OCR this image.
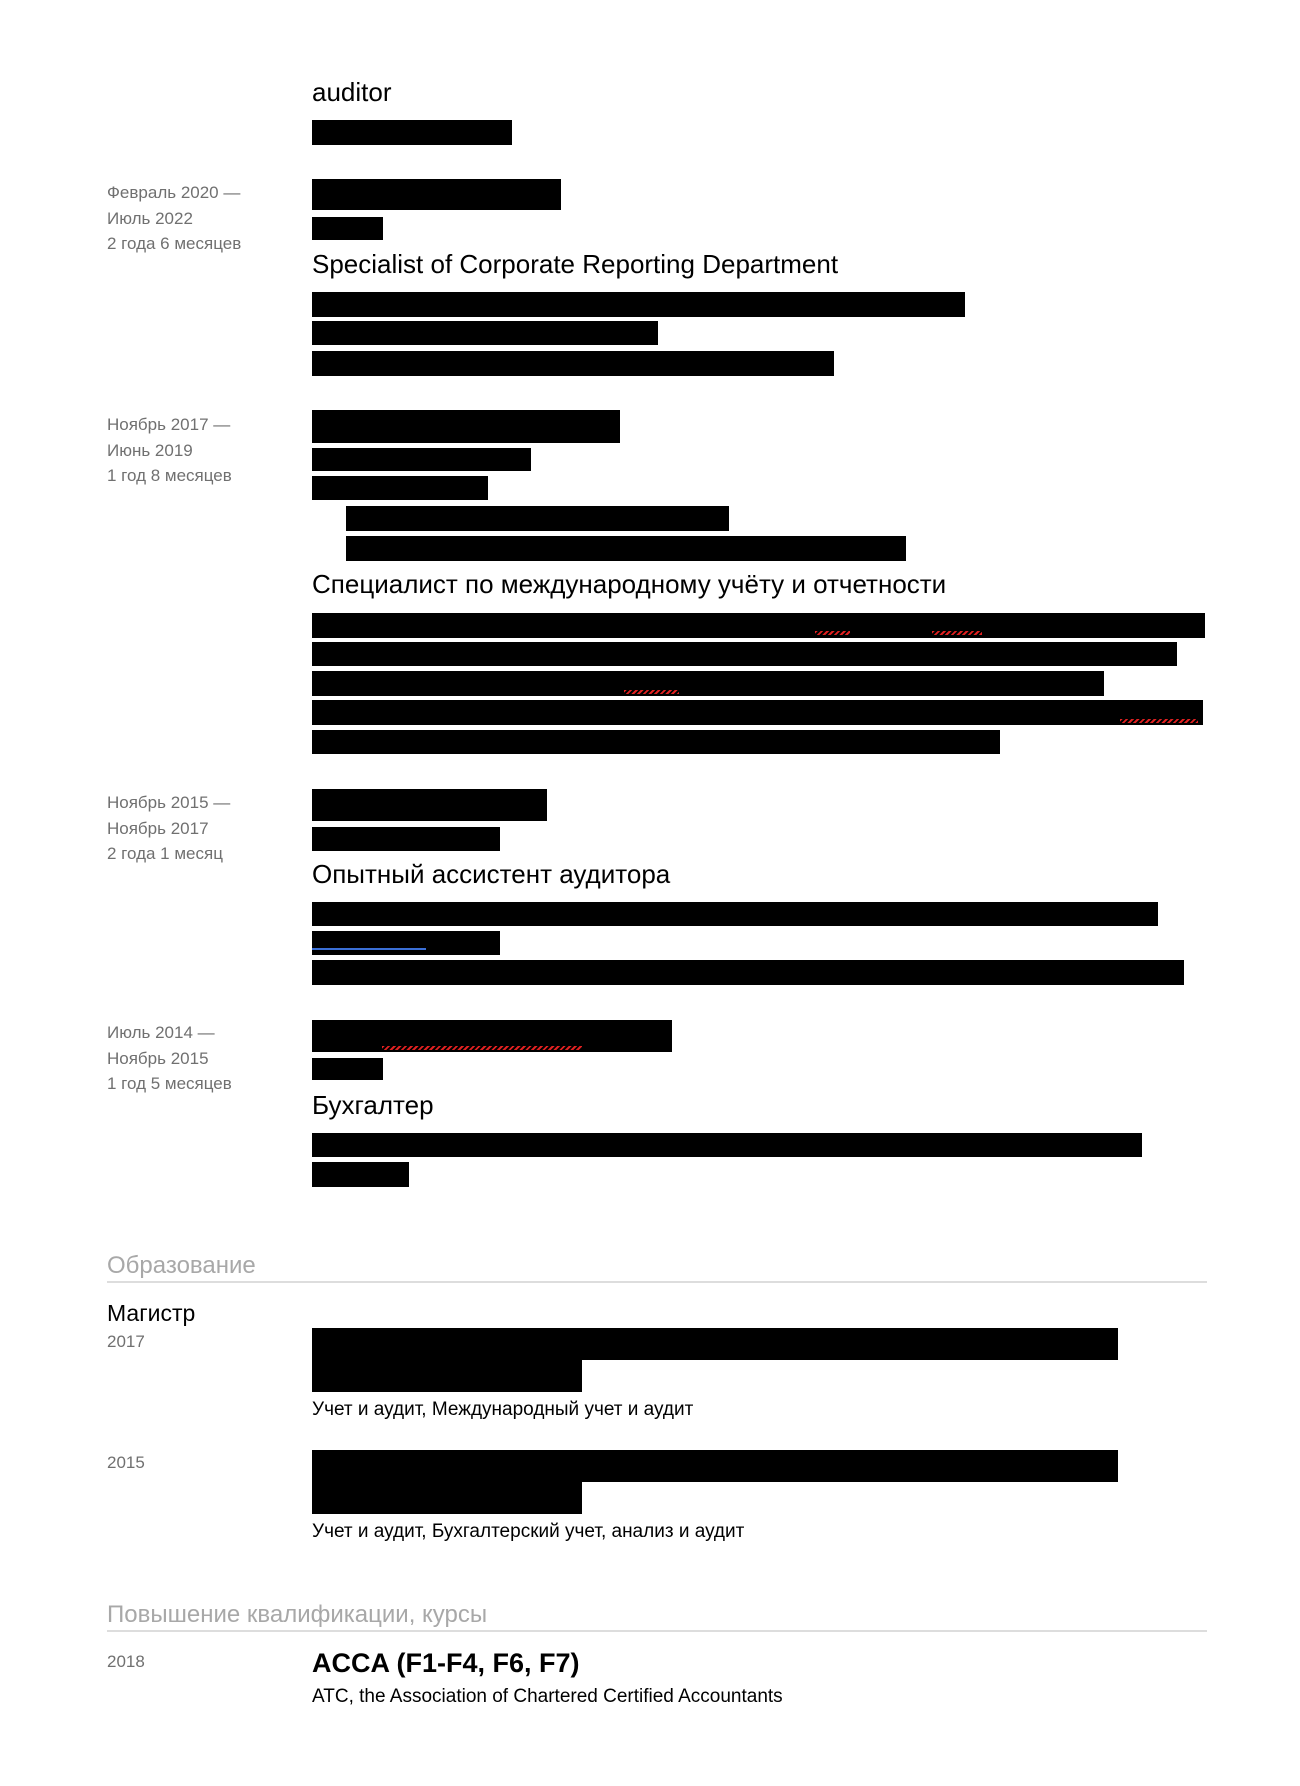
auditor
Февраль 2020 —
Июль 2022
2 года 6 месяцев
Specialist of Corporate Reporting Department
Ноябрь 2017 —
Июнь 2019
1 год 8 месяцев
Специалист по международному учёту и отчетности
Ноябрь 2015 —
Ноябрь 2017
2 года 1 месяц
Опытный ассистент аудитора
Июль 2014 —
Ноябрь 2015
1 год 5 месяцев
Бухгалтер
Образование
Магистр
2017
Учет и аудит, Международный учет и аудит
2015
Учет и аудит, Бухгалтерский учет, анализ и аудит
Повышение квалификации, курсы
2018	ACCA (F1-F4, F6, F7)
ATC, the Association of Chartered Certified Accountants
